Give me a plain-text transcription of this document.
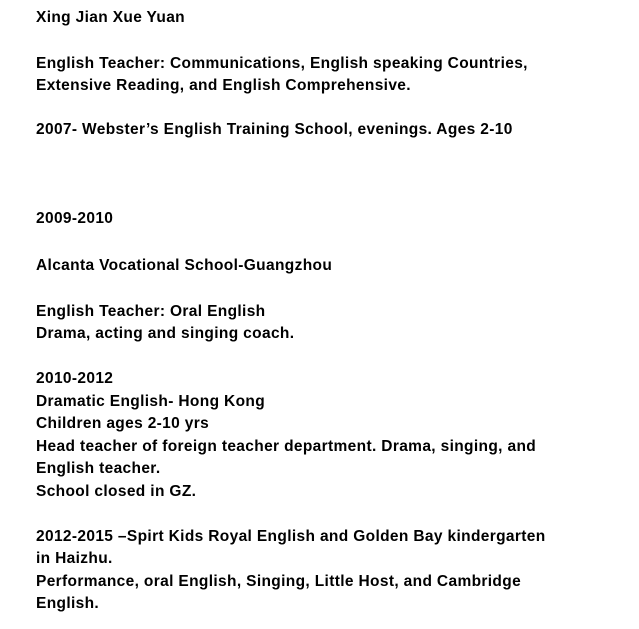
Xing Jian Xue Yuan
English Teacher: Communications, English speaking Countries,
Extensive Reading, and English Comprehensive.
2007- Webster’s English Training School, evenings. Ages 2-10
2009-2010
Alcanta Vocational School-Guangzhou
English Teacher: Oral English
Drama, acting and singing coach.
2010-2012
Dramatic English- Hong Kong
Children ages 2-10 yrs
Head teacher of foreign teacher department. Drama, singing, and
English teacher.
School closed in GZ.
2012-2015 –Spirt Kids Royal English and Golden Bay kindergarten
in Haizhu.
Performance, oral English, Singing, Little Host, and Cambridge
English.
